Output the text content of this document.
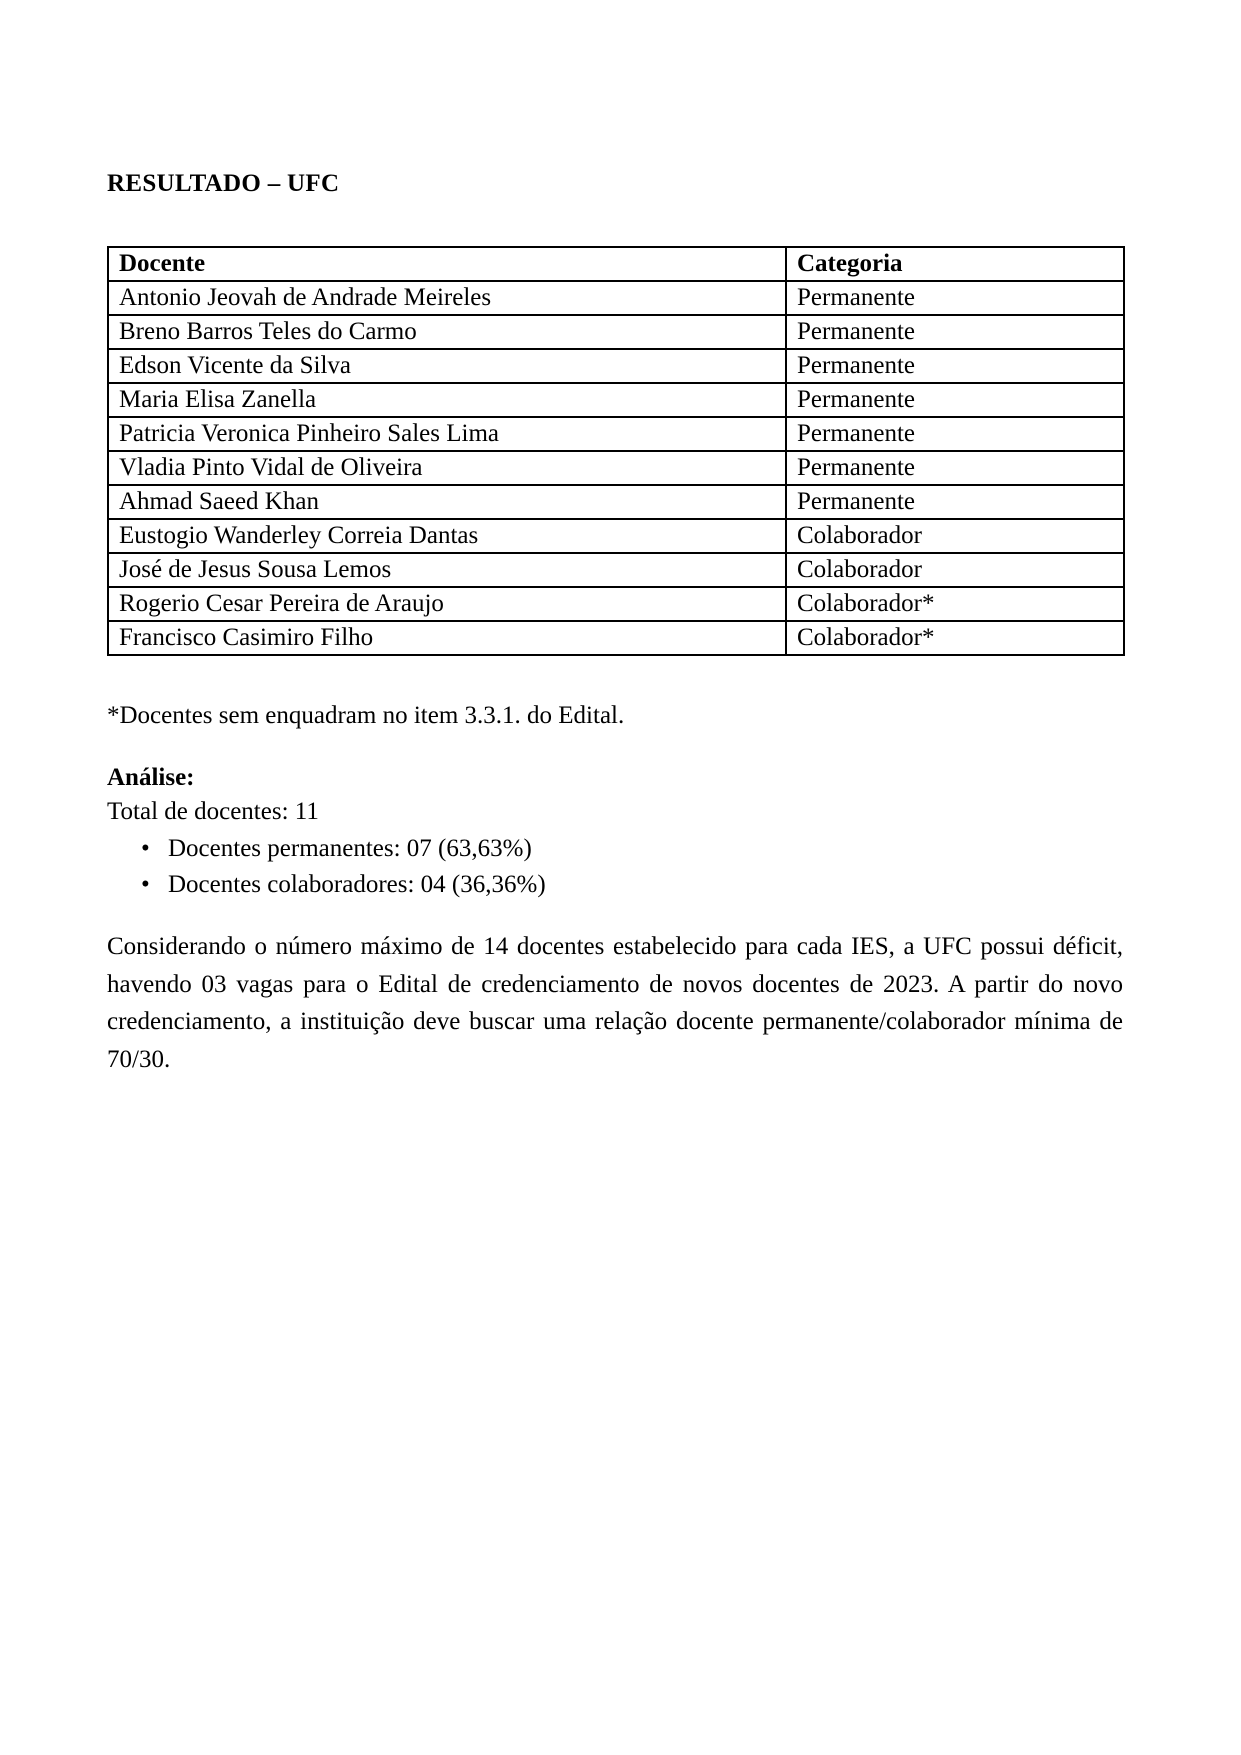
RESULTADO – UFC
Docente	Categoria
Antonio Jeovah de Andrade Meireles	Permanente
Breno Barros Teles do Carmo	Permanente
Edson Vicente da Silva	Permanente
Maria Elisa Zanella	Permanente
Patricia Veronica Pinheiro Sales Lima	Permanente
Vladia Pinto Vidal de Oliveira	Permanente
Ahmad Saeed Khan	Permanente
Eustogio Wanderley Correia Dantas	Colaborador
José de Jesus Sousa Lemos	Colaborador
Rogerio Cesar Pereira de Araujo	Colaborador*
Francisco Casimiro Filho	Colaborador*

*Docentes sem enquadram no item 3.3.1. do Edital.

Análise:

Total de docentes: 11

• Docentes permanentes: 07 (63,63%)
• Docentes colaboradores: 04 (36,36%)

Considerando o número máximo de 14 docentes estabelecido para cada IES, a UFC possui déficit, havendo 03 vagas para o Edital de credenciamento de novos docentes de 2023. A partir do novo credenciamento, a instituição deve buscar uma relação docente permanente/colaborador mínima de 70/30.
